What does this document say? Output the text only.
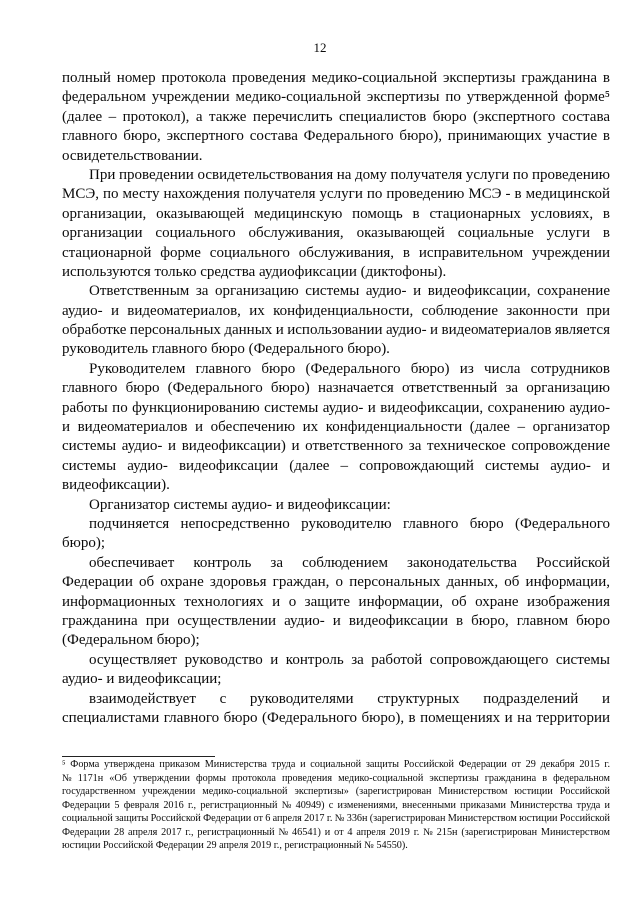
12
полный номер протокола проведения медико-социальной экспертизы гражданина в
федеральном учреждении медико-социальной экспертизы по утвержденной форме⁵
(далее – протокол), а также перечислить специалистов бюро (экспертного состава
главного бюро, экспертного состава Федерального бюро), принимающих участие в
освидетельствовании.
При проведении освидетельствования на дому получателя услуги по проведению
МСЭ, по месту нахождения получателя услуги по проведению МСЭ - в медицинской
организации, оказывающей медицинскую помощь в стационарных условиях, в
организации социального обслуживания, оказывающей социальные услуги в
стационарной форме социального обслуживания, в исправительном учреждении
используются только средства аудиофиксации (диктофоны).
Ответственным за организацию системы аудио- и видеофиксации, сохранение
аудио- и видеоматериалов, их конфиденциальности, соблюдение законности при
обработке персональных данных и использовании аудио- и видеоматериалов является
руководитель главного бюро (Федерального бюро).
Руководителем главного бюро (Федерального бюро) из числа сотрудников
главного бюро (Федерального бюро) назначается ответственный за организацию
работы по функционированию системы аудио- и видеофиксации, сохранению аудио-
и видеоматериалов и обеспечению их конфиденциальности (далее – организатор
системы аудио- и видеофиксации) и ответственного за техническое сопровождение
системы аудио- видеофиксации (далее – сопровождающий системы аудио- и
видеофиксации).
Организатор системы аудио- и видеофиксации:
подчиняется непосредственно руководителю главного бюро (Федерального
бюро);
обеспечивает контроль за соблюдением законодательства Российской
Федерации об охране здоровья граждан, о персональных данных, об информации,
информационных технологиях и о защите информации, об охране изображения
гражданина при осуществлении аудио- и видеофиксации в бюро, главном бюро
(Федеральном бюро);
осуществляет руководство и контроль за работой сопровождающего системы
аудио- и видеофиксации;
взаимодействует с руководителями структурных подразделений и
специалистами главного бюро (Федерального бюро), в помещениях и на территории
⁵ Форма утверждена приказом Министерства труда и социальной защиты Российской Федерации от 29 декабря 2015 г.
№ 1171н «Об утверждении формы протокола проведения медико-социальной экспертизы гражданина в федеральном
государственном учреждении медико-социальной экспертизы» (зарегистрирован Министерством юстиции Российской
Федерации 5 февраля 2016 г., регистрационный № 40949) с изменениями, внесенными приказами Министерства труда и
социальной защиты Российской Федерации от 6 апреля 2017 г. № 336н (зарегистрирован Министерством юстиции Российской
Федерации 28 апреля 2017 г., регистрационный № 46541) и от 4 апреля 2019 г. № 215н (зарегистрирован Министерством
юстиции Российской Федерации 29 апреля 2019 г., регистрационный № 54550).
